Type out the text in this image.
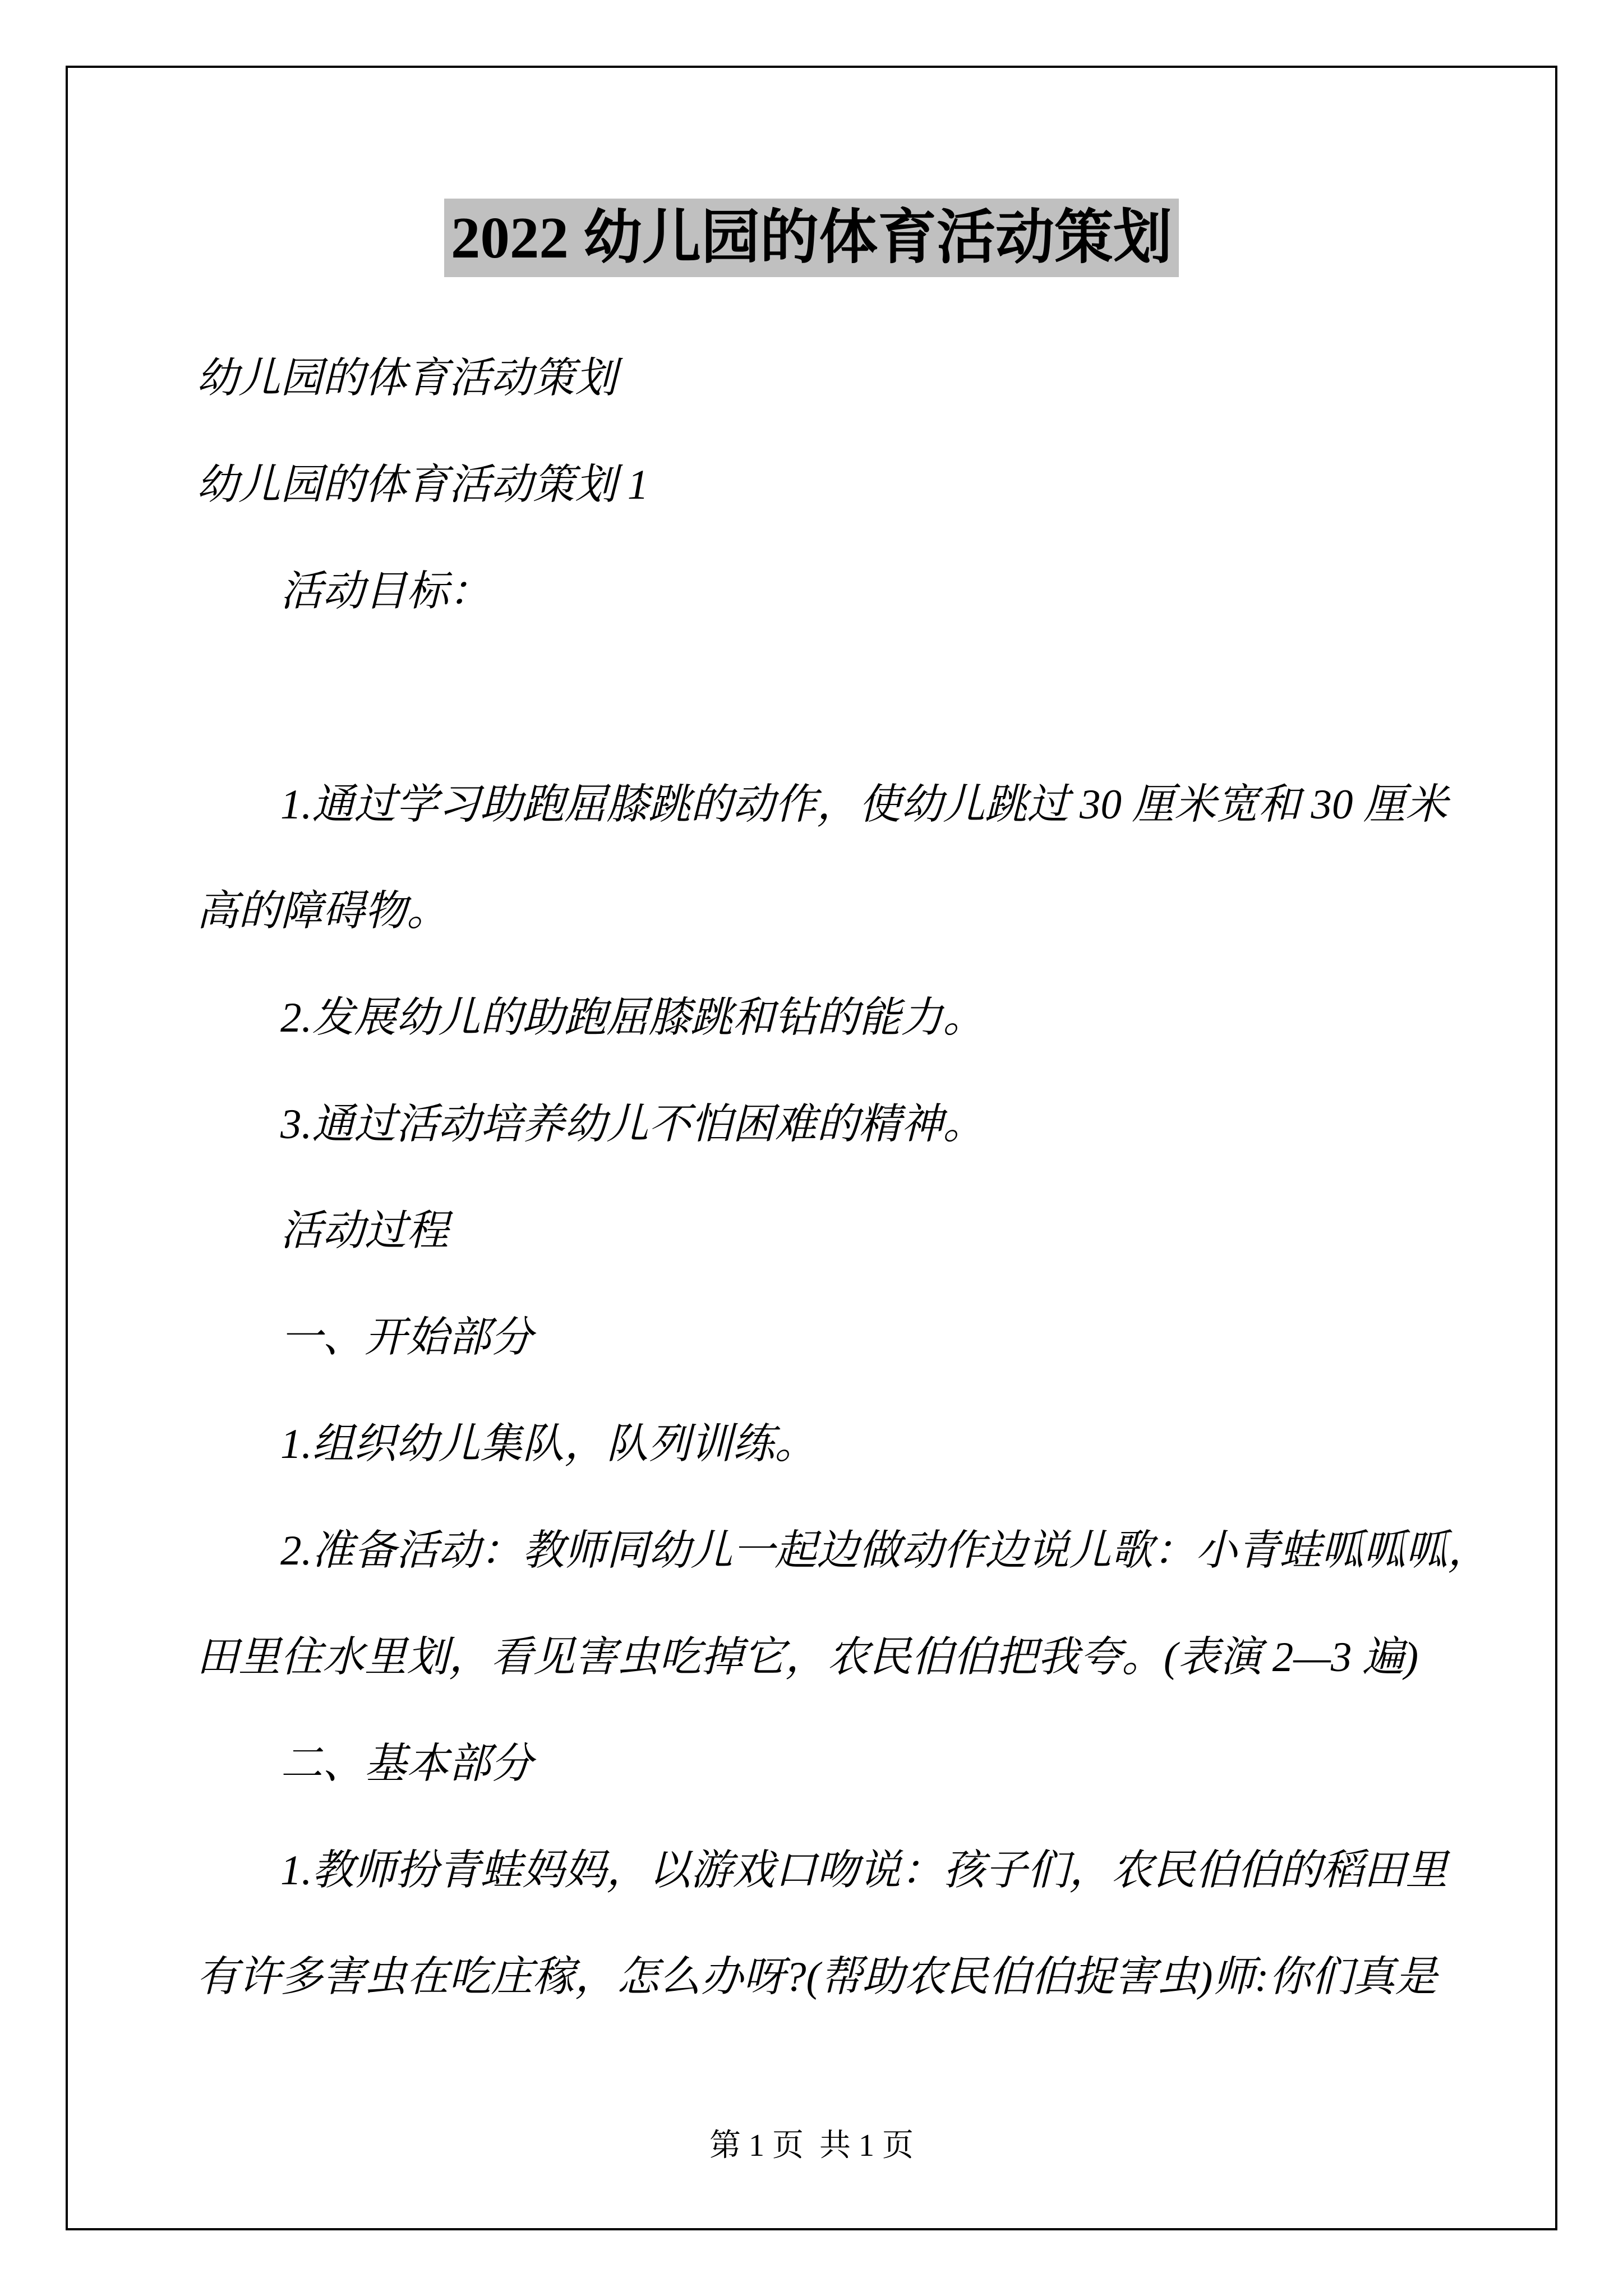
2022 幼儿园的体育活动策划

幼儿园的体育活动策划

幼儿园的体育活动策划 1

活动目标：

1.通过学习助跑屈膝跳的动作，使幼儿跳过 30 厘米宽和 30 厘米

高的障碍物。

2.发展幼儿的助跑屈膝跳和钻的能力。

3.通过活动培养幼儿不怕困难的精神。

活动过程

一、开始部分

1.组织幼儿集队，队列训练。

2.准备活动：教师同幼儿一起边做动作边说儿歌：小青蛙呱呱呱，

田里住水里划，看见害虫吃掉它，农民伯伯把我夸。(表演 2—3 遍)

二、基本部分

1.教师扮青蛙妈妈，以游戏口吻说：孩子们，农民伯伯的稻田里

有许多害虫在吃庄稼，怎么办呀?(帮助农民伯伯捉害虫)师:你们真是

第 1 页  共 1 页
